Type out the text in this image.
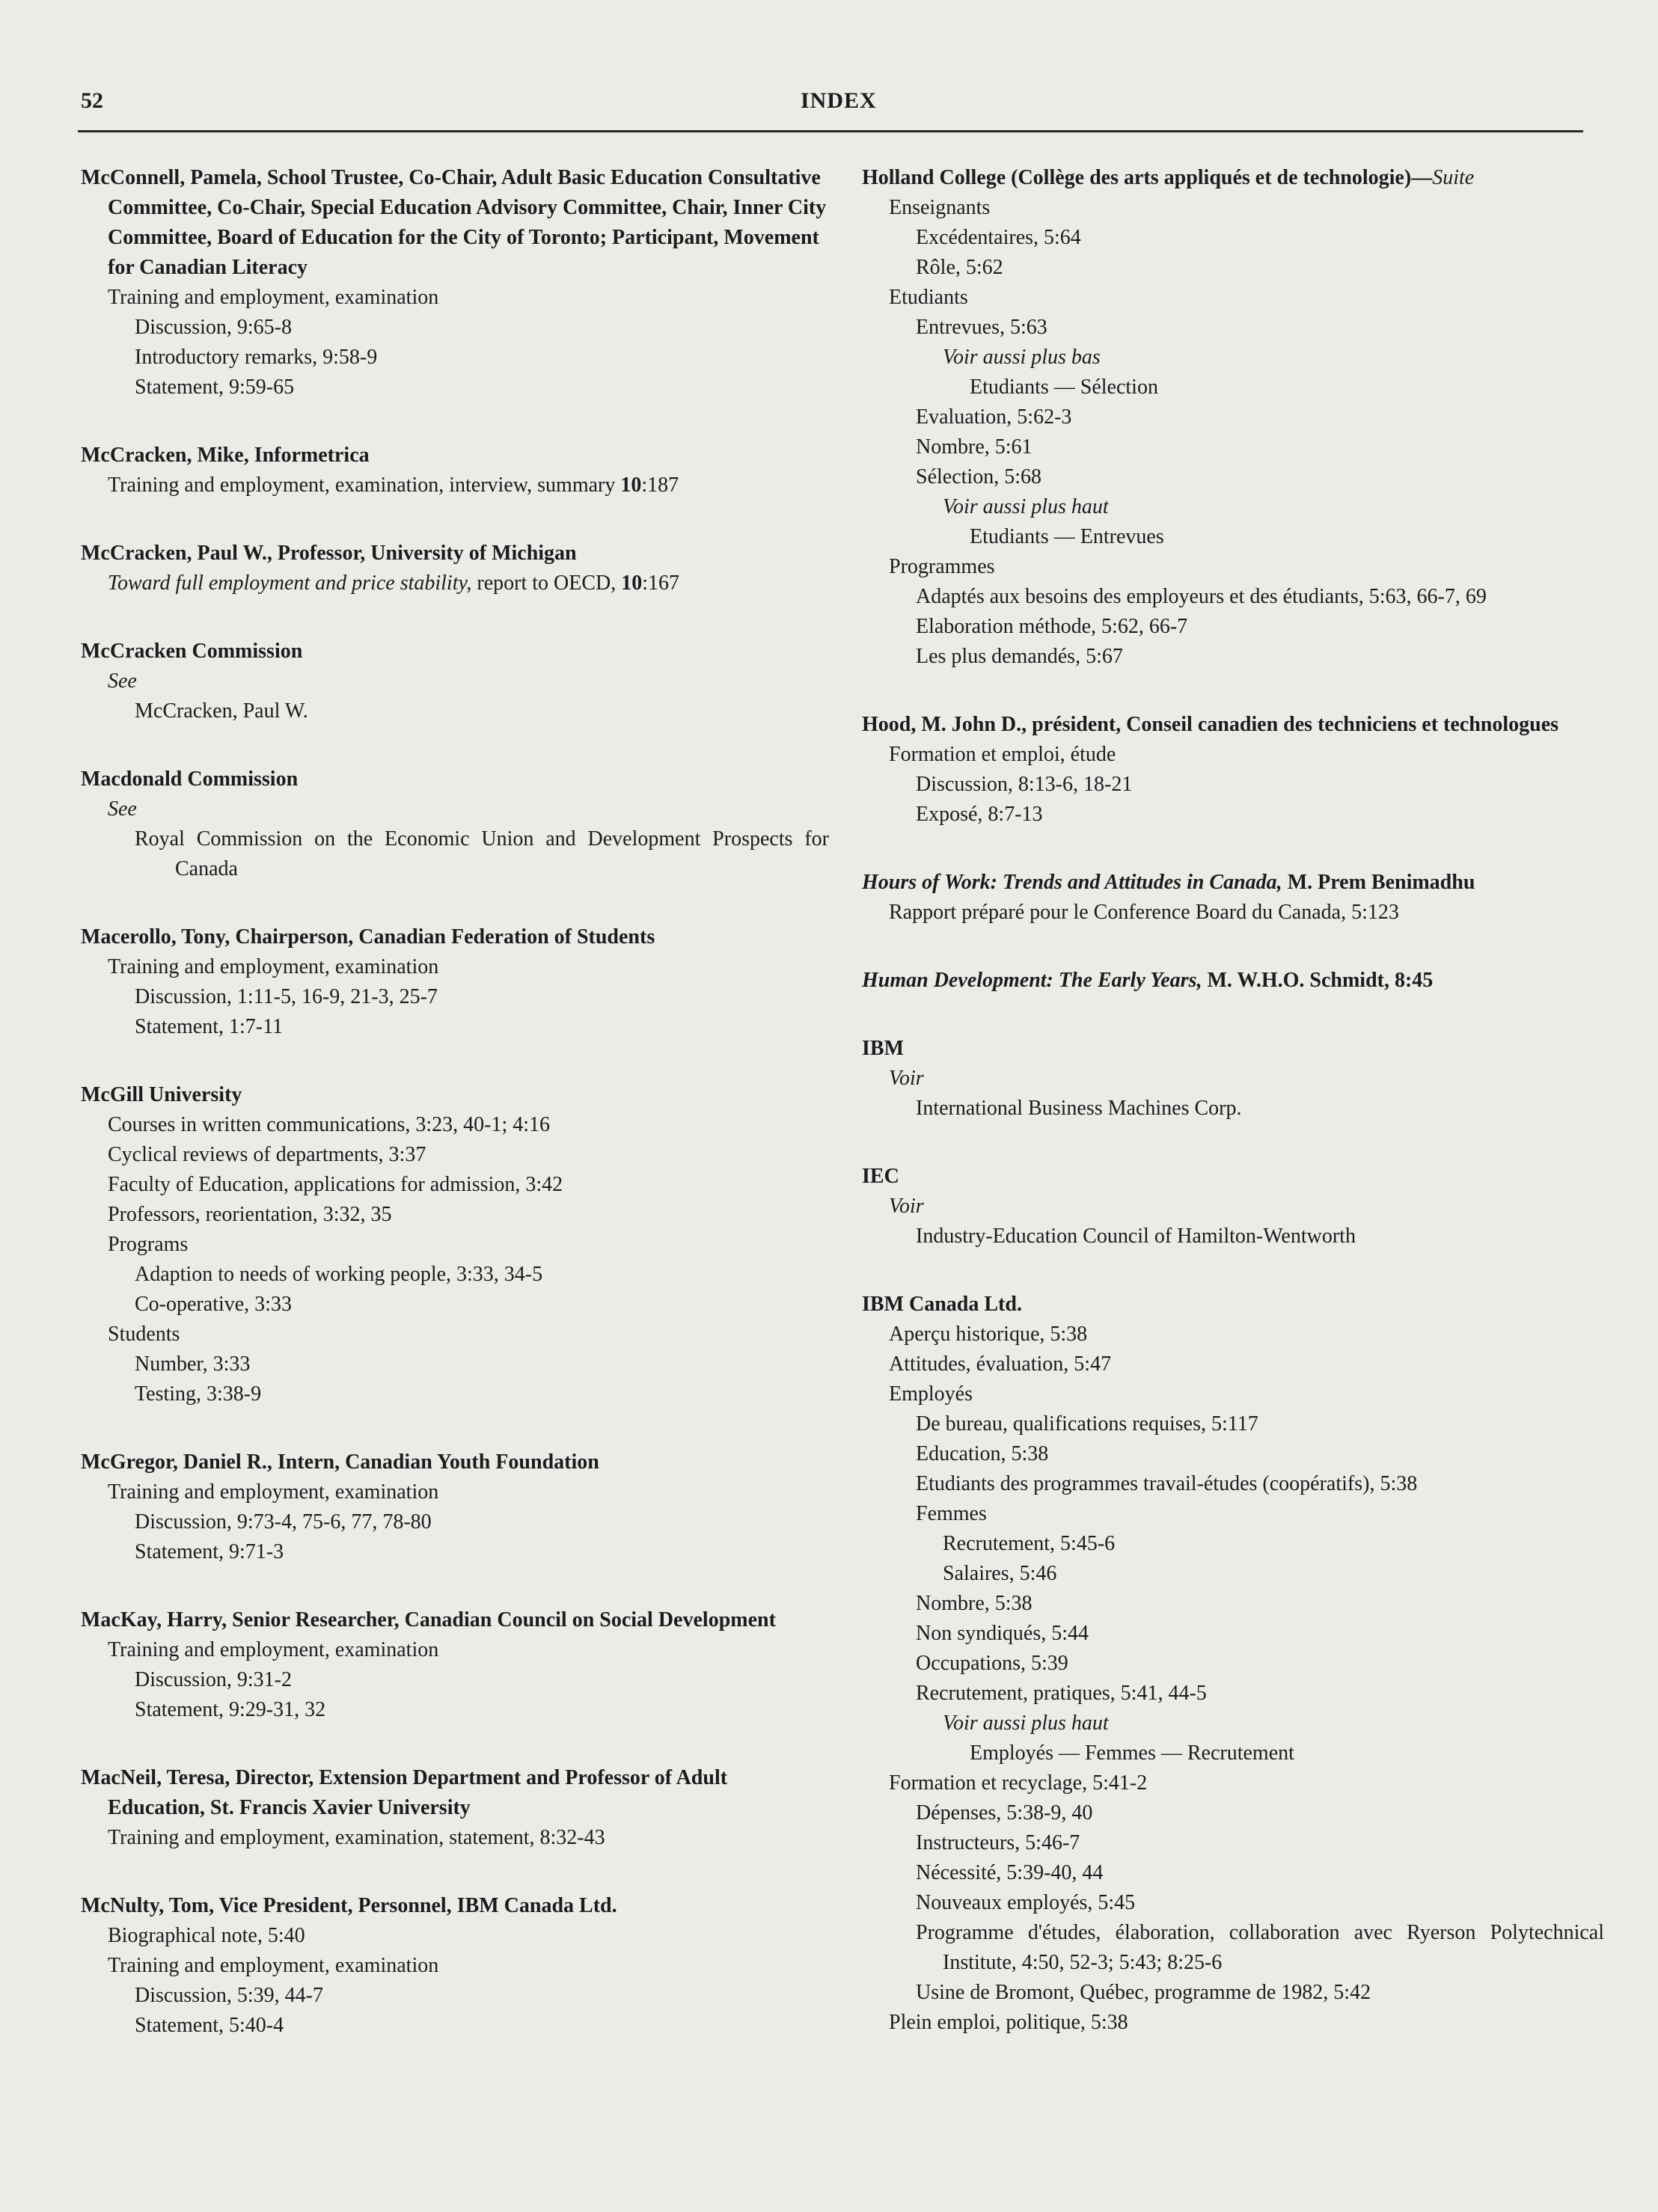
52	INDEX
McConnell, Pamela, School Trustee, Co-Chair, Adult Basic Education Consultative Committee, Co-Chair, Special Education Advisory Committee, Chair, Inner City Committee, Board of Education for the City of Toronto; Participant, Movement for Canadian Literacy
Training and employment, examination
Discussion, 9:65-8
Introductory remarks, 9:58-9
Statement, 9:59-65
McCracken, Mike, Informetrica
Training and employment, examination, interview, summary 10:187
McCracken, Paul W., Professor, University of Michigan
Toward full employment and price stability, report to OECD, 10:167
McCracken Commission
See
McCracken, Paul W.
Macdonald Commission
See
Royal Commission on the Economic Union and Development Prospects for Canada
Macerollo, Tony, Chairperson, Canadian Federation of Students
Training and employment, examination
Discussion, 1:11-5, 16-9, 21-3, 25-7
Statement, 1:7-11
McGill University
Courses in written communications, 3:23, 40-1; 4:16
Cyclical reviews of departments, 3:37
Faculty of Education, applications for admission, 3:42
Professors, reorientation, 3:32, 35
Programs
Adaption to needs of working people, 3:33, 34-5
Co-operative, 3:33
Students
Number, 3:33
Testing, 3:38-9
McGregor, Daniel R., Intern, Canadian Youth Foundation
Training and employment, examination
Discussion, 9:73-4, 75-6, 77, 78-80
Statement, 9:71-3
MacKay, Harry, Senior Researcher, Canadian Council on Social Development
Training and employment, examination
Discussion, 9:31-2
Statement, 9:29-31, 32
MacNeil, Teresa, Director, Extension Department and Professor of Adult Education, St. Francis Xavier University
Training and employment, examination, statement, 8:32-43
McNulty, Tom, Vice President, Personnel, IBM Canada Ltd.
Biographical note, 5:40
Training and employment, examination
Discussion, 5:39, 44-7
Statement, 5:40-4
Holland College (Collège des arts appliqués et de technologie)—Suite
Enseignants
Excédentaires, 5:64
Rôle, 5:62
Etudiants
Entrevues, 5:63
Voir aussi plus bas
Etudiants — Sélection
Evaluation, 5:62-3
Nombre, 5:61
Sélection, 5:68
Voir aussi plus haut
Etudiants — Entrevues
Programmes
Adaptés aux besoins des employeurs et des étudiants, 5:63, 66-7, 69
Elaboration méthode, 5:62, 66-7
Les plus demandés, 5:67
Hood, M. John D., président, Conseil canadien des techniciens et technologues
Formation et emploi, étude
Discussion, 8:13-6, 18-21
Exposé, 8:7-13
Hours of Work: Trends and Attitudes in Canada, M. Prem Benimadhu
Rapport préparé pour le Conference Board du Canada, 5:123
Human Development: The Early Years, M. W.H.O. Schmidt, 8:45
IBM
Voir
International Business Machines Corp.
IEC
Voir
Industry-Education Council of Hamilton-Wentworth
IBM Canada Ltd.
Aperçu historique, 5:38
Attitudes, évaluation, 5:47
Employés
De bureau, qualifications requises, 5:117
Education, 5:38
Etudiants des programmes travail-études (coopératifs), 5:38
Femmes
Recrutement, 5:45-6
Salaires, 5:46
Nombre, 5:38
Non syndiqués, 5:44
Occupations, 5:39
Recrutement, pratiques, 5:41, 44-5
Voir aussi plus haut
Employés — Femmes — Recrutement
Formation et recyclage, 5:41-2
Dépenses, 5:38-9, 40
Instructeurs, 5:46-7
Nécessité, 5:39-40, 44
Nouveaux employés, 5:45
Programme d'études, élaboration, collaboration avec Ryerson Polytechnical Institute, 4:50, 52-3; 5:43; 8:25-6
Usine de Bromont, Québec, programme de 1982, 5:42
Plein emploi, politique, 5:38
